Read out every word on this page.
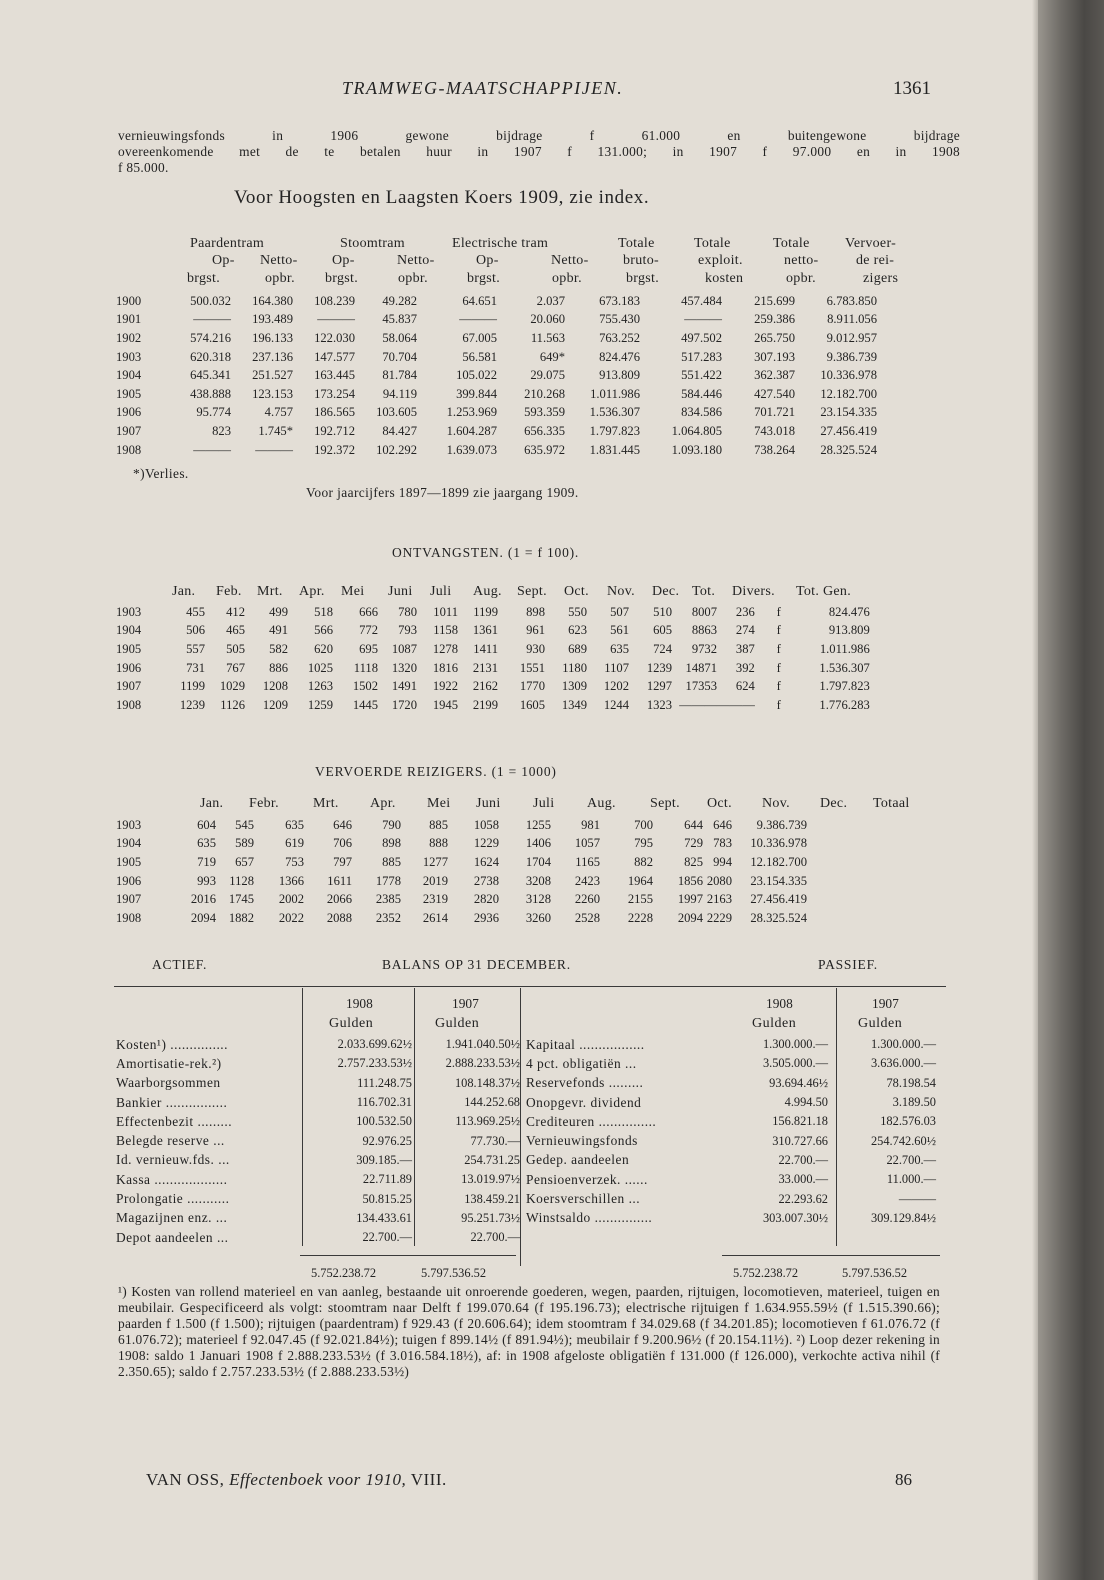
TRAMWEG-MAATSCHAPPIJEN.	1361
vernieuwingsfonds in 1906 gewone bijdrage f 61.000 en buitengewone bijdrage
overeenkomende met de te betalen huur in 1907 f 131.000; in 1907 f 97.000 en in 1908
f 85.000.
Voor Hoogsten en Laagsten Koers 1909, zie index.
Paardentram	Stoomtram	Electrische tram	Totale	Totale	Totale	Vervoer-
Op- Netto- Op-	Netto-	Op-	Netto- bruto-	exploit.	netto-	de rei-
brgst.	opbr. brgst.	opbr.	brgst.	opbr.	brgst.	kosten	opbr.	zigers
1900	500.032	164.380	108.239	49.282	64.651	2.037	673.183	457.484	215.699	6.783.850
1901	———	193.489	———	45.837	———	20.060	755.430	———	259.386	8.911.056
1902	574.216	196.133	122.030	58.064	67.005	11.563	763.252	497.502	265.750	9.012.957
1903	620.318	237.136	147.577	70.704	56.581	649*	824.476	517.283	307.193	9.386.739
1904	645.341	251.527	163.445	81.784	105.022	29.075	913.809	551.422	362.387	10.336.978
1905	438.888	123.153	173.254	94.119	399.844	210.268	1.011.986	584.446	427.540	12.182.700
1906	95.774	4.757	186.565	103.605	1.253.969	593.359	1.536.307	834.586	701.721	23.154.335
1907	823	1.745*	192.712	84.427	1.604.287	656.335	1.797.823	1.064.805	743.018	27.456.419
1908	———	———	192.372	102.292	1.639.073	635.972	1.831.445	1.093.180	738.264	28.325.524
*)Verlies.
Voor jaarcijfers 1897—1899 zie jaargang 1909.
ONTVANGSTEN. (1 = f 100).
Jan. Feb. Mrt. Apr. Mei Juni Juli Aug. Sept. Oct. Nov. Dec. Tot. Divers. Tot. Gen.
1903	455	412	499	518	666	780	1011	1199	898	550	507	510	8007	236	f	824.476
1904	506	465	491	566	772	793	1158	1361	961	623	561	605	8863	274	f	913.809
1905	557	505	582	620	695	1087	1278	1411	930	689	635	724	9732	387	f	1.011.986
1906	731	767	886	1025	1118	1320	1816	2131	1551	1180	1107	1239	14871	392	f	1.536.307
1907	1199	1029	1208	1263	1502	1491	1922	2162	1770	1309	1202	1297	17353	624	f	1.797.823
1908	1239	1126	1209	1259	1445	1720	1945	2199	1605	1349	1244	1323	———	———	f	1.776.283
VERVOERDE REIZIGERS. (1 = 1000)
Jan. Febr. Mrt. Apr. Mei Juni Juli Aug. Sept. Oct. Nov. Dec. Totaal
1903	604	545	635	646	790	885	1058	1255	981	700	644	646	9.386.739
1904	635	589	619	706	898	888	1229	1406	1057	795	729	783	10.336.978
1905	719	657	753	797	885	1277	1624	1704	1165	882	825	994	12.182.700
1906	993	1128	1366	1611	1778	2019	2738	3208	2423	1964	1856	2080	23.154.335
1907	2016	1745	2002	2066	2385	2319	2820	3128	2260	2155	1997	2163	27.456.419
1908	2094	1882	2022	2088	2352	2614	2936	3260	2528	2228	2094	2229	28.325.524
ACTIEF.	BALANS OP 31 DECEMBER.	PASSIEF.
1908	1907
Gulden	Gulden
1908	1907
Gulden	Gulden
Kosten¹) ...............	2.033.699.62½	1.941.040.50½
Amortisatie-rek.²)	2.757.233.53½	2.888.233.53½
Waarborgsommen	111.248.75	108.148.37½
Bankier ................	116.702.31	144.252.68
Effectenbezit .........	100.532.50	113.969.25½
Belegde reserve ...	92.976.25	77.730.—
Id. vernieuw.fds. ...	309.185.—	254.731.25
Kassa ...................	22.711.89	13.019.97½
Prolongatie ...........	50.815.25	138.459.21
Magazijnen enz. ...	134.433.61	95.251.73½
Depot aandeelen ...	22.700.—	22.700.—
Kapitaal .................	1.300.000.—	1.300.000.—
4 pct. obligatiën ...	3.505.000.—	3.636.000.—
Reservefonds .........	93.694.46½	78.198.54
Onopgevr. dividend	4.994.50	3.189.50
Crediteuren ...............	156.821.18	182.576.03
Vernieuwingsfonds	310.727.66	254.742.60½
Gedep. aandeelen	22.700.—	22.700.—
Pensioenverzek. ......	33.000.—	11.000.—
Koersverschillen ...	22.293.62	———
Winstsaldo ...............	303.007.30½	309.129.84½
5.752.238.72	5.797.536.52	5.752.238.72	5.797.536.52
¹) Kosten van rollend materieel en van aanleg, bestaande uit onroerende goederen, wegen, paarden, rijtuigen, locomotieven, materieel, tuigen en meubilair. Gespecificeerd als volgt: stoomtram naar Delft f 199.070.64 (f 195.196.73); electrische rijtuigen f 1.634.955.59½ (f 1.515.390.66); paarden f 1.500 (f 1.500); rijtuigen (paardentram) f 929.43 (f 20.606.64); idem stoomtram f 34.029.68 (f 34.201.85); locomotieven f 61.076.72 (f 61.076.72); materieel f 92.047.45 (f 92.021.84½); tuigen f 899.14½ (f 891.94½); meubilair f 9.200.96½ (f 20.154.11½). ²) Loop dezer rekening in 1908: saldo 1 Januari 1908 f 2.888.233.53½ (f 3.016.584.18½), af: in 1908 afgeloste obligatiën f 131.000 (f 126.000), verkochte activa nihil (f 2.350.65); saldo f 2.757.233.53½ (f 2.888.233.53½)
VAN OSS, Effectenboek voor 1910, VIII.	86
